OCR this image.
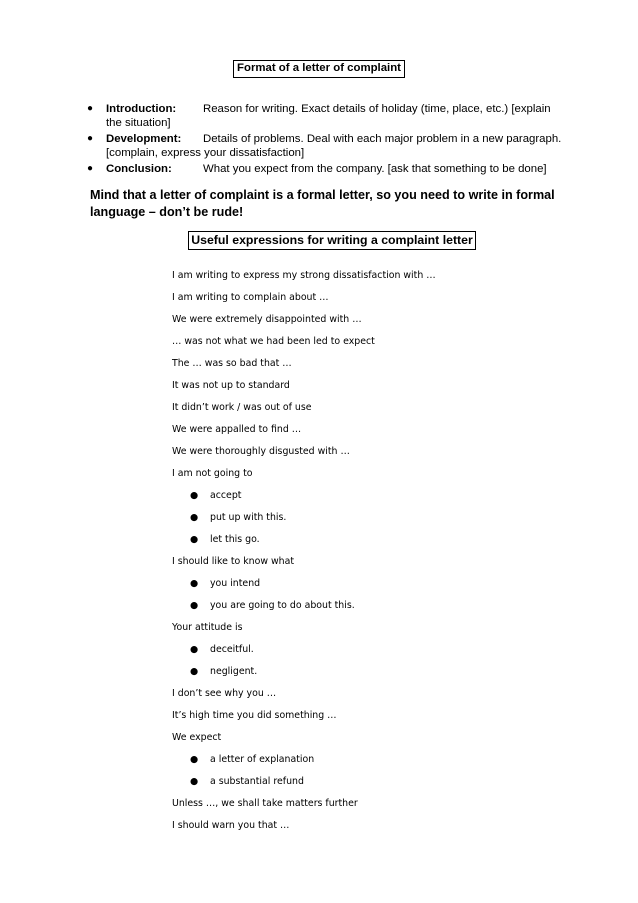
Format of a letter of complaint
● Introduction: Reason for writing. Exact details of holiday (time, place, etc.) [explain
the situation]
● Development: Details of problems. Deal with each major problem in a new paragraph.
[complain, express your dissatisfaction]
● Conclusion:	What you expect from the company. [ask that something to be done]
Mind that a letter of complaint is a formal letter, so you need to write in formal language – don’t be rude!
Useful expressions for writing a complaint letter
I am writing to express my strong dissatisfaction with …
I am writing to complain about …
We were extremely disappointed with …
… was not what we had been led to expect
The … was so bad that …
It was not up to standard
It didn’t work / was out of use
We were appalled to find …
We were thoroughly disgusted with …
I am not going to
● accept
● put up with this.
● let this go.
I should like to know what
● you intend
● you are going to do about this.
Your attitude is
● deceitful.
● negligent.
I don’t see why you …
It’s high time you did something …
We expect
● a letter of explanation
● a substantial refund
Unless …, we shall take matters further
I should warn you that …
